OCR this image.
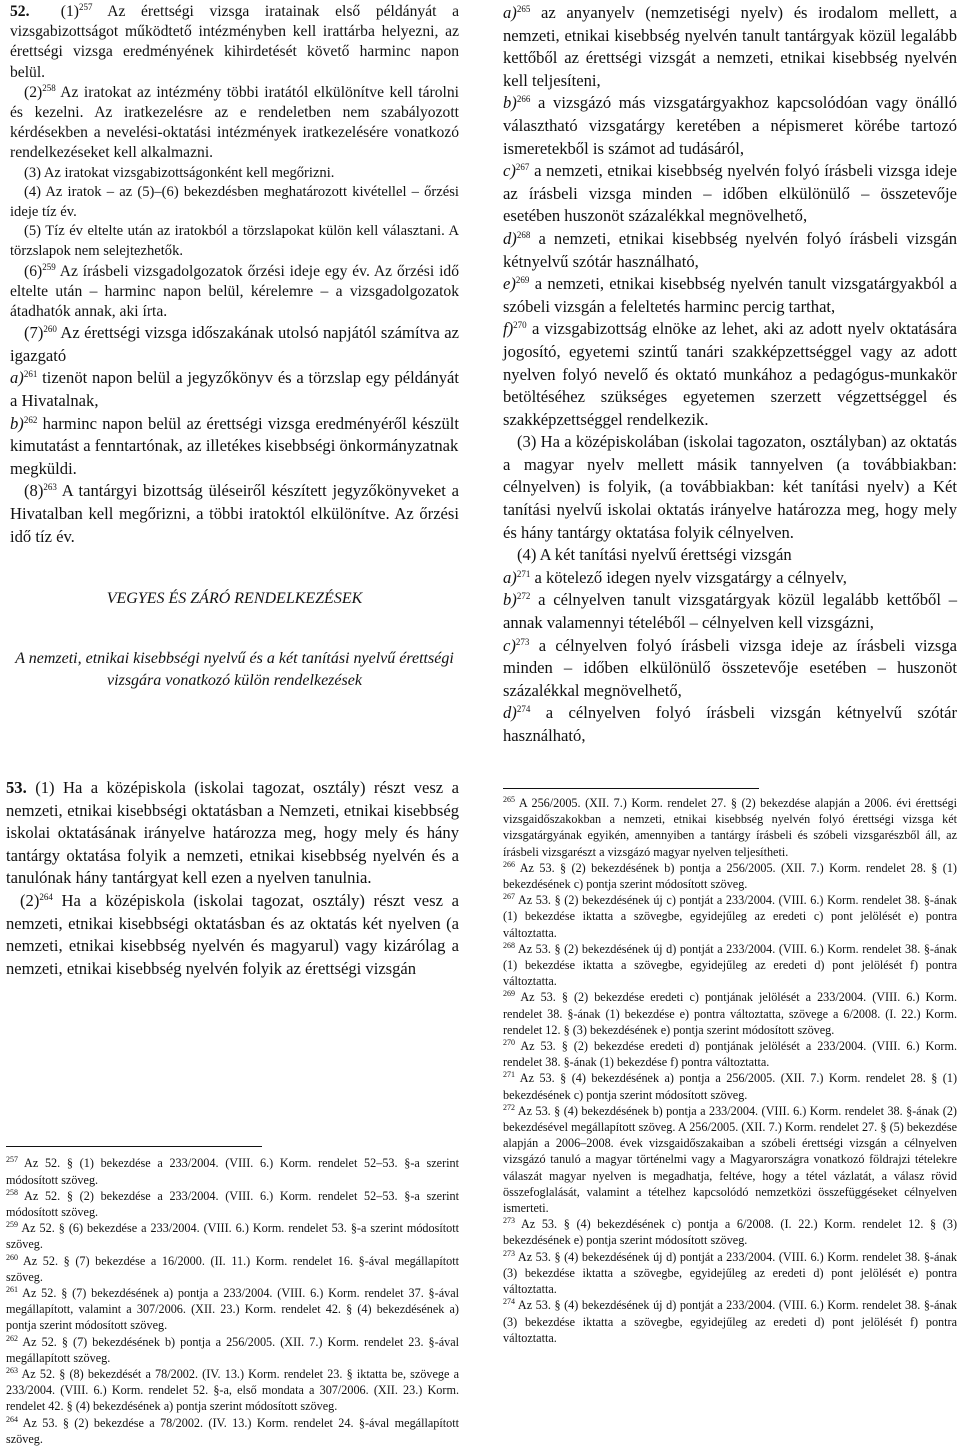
52. $(1)^{257}$ Az érettségi vizsga iratainak első példányát a vizsgabizottságot működtető intézményben kell irattárba helyezni, az érettségi vizsga eredményének kihirdetését követő harminc napon belül.

$(2)^{258}$ Az iratokat az intézmény többi iratától elkülönítve kell tárolni és kezelni. Az iratkezelésre az e rendeletben nem szabályozott kérdésekben a nevelési-oktatási intézmények iratkezelésére vonatkozó rendelkezéseket kell alkalmazni.

(3) Az iratokat vizsgabizottságonként kell megőrizni.

(4) Az iratok – az (5)–(6) bekezdésben meghatározott kivétellel – őrzési ideje tíz év.

(5) Tíz év eltelte után az iratokból a törzslapokat külön kell választani. A törzslapok nem selejtezhetők.

$(6)^{259}$ Az írásbeli vizsgadolgozatok őrzési ideje egy év. Az őrzési idő eltelte után – harminc napon belül, kérelemre – a vizsgadolgozatok átadhatók annak, aki írta.

$(7)^{260}$ Az érettségi vizsga időszakának utolsó napjától számítva az igazgató

a)$^{261}$ tizenöt napon belül a jegyzőkönyv és a törzslap egy példányát a Hivatalnak,

b)$^{262}$ harminc napon belül az érettségi vizsga eredményéről készült kimutatást a fenntartónak, az illetékes kisebbségi önkormányzatnak

megküldi.

$(8)^{263}$ A tantárgyi bizottság üléseiről készített jegyzőkönyveket a Hivatalban kell megőrizni, a többi iratoktól elkülönítve. Az őrzési idő tíz év.

VEGYES ÉS ZÁRÓ RENDELKEZÉSEK

A nemzeti, etnikai kisebbségi nyelvű és a két tanítási nyelvű érettségi vizsgára vonatkozó külön rendelkezések

a)$^{265}$ az anyanyelv (nemzetiségi nyelv) és irodalom mellett, a nemzeti, etnikai kisebbség nyelvén tanult tantárgyak közül legalább kettőből az érettségi vizsgát a nemzeti, etnikai kisebbség nyelvén kell teljesíteni,

b)$^{266}$ a vizsgázó más vizsgatárgyakhoz kapcsolódóan vagy önálló választható vizsgatárgy keretében a népismeret körébe tartozó ismeretekből is számot ad tudásáról,

c)$^{267}$ a nemzeti, etnikai kisebbség nyelvén folyó írásbeli vizsga ideje az írásbeli vizsga minden – időben elkülönülő – összetevője esetében huszonöt százalékkal megnövelhető,

d)$^{268}$ a nemzeti, etnikai kisebbség nyelvén folyó írásbeli vizsgán kétnyelvű szótár használható,

e)$^{269}$ a nemzeti, etnikai kisebbség nyelvén tanult vizsgatárgyakból a szóbeli vizsgán a feleltetés harminc percig tarthat,

f)$^{270}$ a vizsgabizottság elnöke az lehet, aki az adott nyelv oktatására jogosító, egyetemi szintű tanári szakképzettséggel vagy az adott nyelven folyó nevelő és oktató munkához a pedagógus-munkakör betöltéséhez szükséges egyetemen szerzett végzettséggel és szakképzettséggel rendelkezik.

(3) Ha a középiskolában (iskolai tagozaton, osztályban) az oktatás a magyar nyelv mellett másik tannyelven (a továbbiakban: célnyelven) is folyik, (a továbbiakban: két tanítási nyelv) a Két tanítási nyelvű iskolai oktatás irányelve határozza meg, hogy mely és hány tantárgy oktatása folyik célnyelven.

(4) A két tanítási nyelvű érettségi vizsgán

a)$^{271}$ a kötelező idegen nyelv vizsgatárgy a célnyelv,

b)$^{272}$ a célnyelven tanult vizsgatárgyak közül legalább kettőből – annak valamennyi tételéből – célnyelven kell vizsgázni,

c)$^{273}$ a célnyelven folyó írásbeli vizsga ideje az írásbeli vizsga minden – időben elkülönülő összetevője esetében – huszonöt százalékkal megnövelhető,

d)$^{274}$ a célnyelven folyó írásbeli vizsgán kétnyelvű szótár használható,

53. (1) Ha a középiskola (iskolai tagozat, osztály) részt vesz a nemzeti, etnikai kisebbségi oktatásban a Nemzeti, etnikai kisebbség iskolai oktatásának irányelve határozza meg, hogy mely és hány tantárgy oktatása folyik a nemzeti, etnikai kisebbség nyelvén és a tanulónak hány tantárgyat kell ezen a nyelven tanulnia.

$(2)^{264}$ Ha a középiskola (iskolai tagozat, osztály) részt vesz a nemzeti, etnikai kisebbségi oktatásban és az oktatás két nyelven (a nemzeti, etnikai kisebbség nyelvén és magyarul) vagy kizárólag a nemzeti, etnikai kisebbség nyelvén folyik az érettségi vizsgán

$^{257}$ Az 52. § (1) bekezdése a 233/2004. (VIII. 6.) Korm. rendelet 52–53. §-a szerint módosított szöveg.

$^{258}$ Az 52. § (2) bekezdése a 233/2004. (VIII. 6.) Korm. rendelet 52–53. §-a szerint módosított szöveg.

$^{259}$ Az 52. § (6) bekezdése a 233/2004. (VIII. 6.) Korm. rendelet 53. §-a szerint módosított szöveg.

$^{260}$ Az 52. § (7) bekezdése a 16/2000. (II. 11.) Korm. rendelet 16. §-ával megállapított szöveg.

$^{261}$ Az 52. § (7) bekezdésének a) pontja a 233/2004. (VIII. 6.) Korm. rendelet 37. §-ával megállapított, valamint a 307/2006. (XII. 23.) Korm. rendelet 42. § (4) bekezdésének a) pontja szerint módosított szöveg.

$^{262}$ Az 52. § (7) bekezdésének b) pontja a 256/2005. (XII. 7.) Korm. rendelet 23. §-ával megállapított szöveg.

$^{263}$ Az 52. § (8) bekezdését a 78/2002. (IV. 13.) Korm. rendelet 23. § iktatta be, szövege a 233/2004. (VIII. 6.) Korm. rendelet 52. §-a, első mondata a 307/2006. (XII. 23.) Korm. rendelet 42. § (4) bekezdésének a) pontja szerint módosított szöveg.

$^{264}$ Az 53. § (2) bekezdése a 78/2002. (IV. 13.) Korm. rendelet 24. §-ával megállapított szöveg.

$^{265}$ A 256/2005. (XII. 7.) Korm. rendelet 27. § (2) bekezdése alapján a 2006. évi érettségi vizsgaidőszakokban a nemzeti, etnikai kisebbség nyelvén folyó érettségi vizsga két vizsgatárgyának egyikén, amennyiben a tantárgy írásbeli és szóbeli vizsgarészből áll, az írásbeli vizsgarészt a vizsgázó magyar nyelven teljesítheti.

$^{266}$ Az 53. § (2) bekezdésének b) pontja a 256/2005. (XII. 7.) Korm. rendelet 28. § (1) bekezdésének c) pontja szerint módosított szöveg.

$^{267}$ Az 53. § (2) bekezdésének új c) pontját a 233/2004. (VIII. 6.) Korm. rendelet 38. §-ának (1) bekezdése iktatta a szövegbe, egyidejűleg az eredeti c) pont jelölését e) pontra változtatta.

$^{268}$ Az 53. § (2) bekezdésének új d) pontját a 233/2004. (VIII. 6.) Korm. rendelet 38. §-ának (1) bekezdése iktatta a szövegbe, egyidejűleg az eredeti d) pont jelölését f) pontra változtatta.

$^{269}$ Az 53. § (2) bekezdése eredeti c) pontjának jelölését a 233/2004. (VIII. 6.) Korm. rendelet 38. §-ának (1) bekezdése e) pontra változtatta, szövege a 6/2008. (I. 22.) Korm. rendelet 12. § (3) bekezdésének e) pontja szerint módosított szöveg.

$^{270}$ Az 53. § (2) bekezdése eredeti d) pontjának jelölését a 233/2004. (VIII. 6.) Korm. rendelet 38. §-ának (1) bekezdése f) pontra változtatta.

$^{271}$ Az 53. § (4) bekezdésének a) pontja a 256/2005. (XII. 7.) Korm. rendelet 28. § (1) bekezdésének c) pontja szerint módosított szöveg.

$^{272}$ Az 53. § (4) bekezdésének b) pontja a 233/2004. (VIII. 6.) Korm. rendelet 38. §-ának (2) bekezdésével megállapított szöveg. A 256/2005. (XII. 7.) Korm. rendelet 27. § (5) bekezdése alapján a 2006–2008. évek vizsgaidőszakaiban a szóbeli érettségi vizsgán a célnyelven vizsgázó tanuló a magyar történelmi vagy a Magyarországra vonatkozó földrajzi tételekre válaszát magyar nyelven is megadhatja, feltéve, hogy a tétel vázlatát, a válasz rövid összefoglalását, valamint a tételhez kapcsolódó nemzetközi összefüggéseket célnyelven ismerteti.

$^{273}$ Az 53. § (4) bekezdésének c) pontja a 6/2008. (I. 22.) Korm. rendelet 12. § (3) bekezdésének e) pontja szerint módosított szöveg.

$^{273}$ Az 53. § (4) bekezdésének új d) pontját a 233/2004. (VIII. 6.) Korm. rendelet 38. §-ának (3) bekezdése iktatta a szövegbe, egyidejűleg az eredeti d) pont jelölését e) pontra változtatta.

$^{274}$ Az 53. § (4) bekezdésének új d) pontját a 233/2004. (VIII. 6.) Korm. rendelet 38. §-ának (3) bekezdése iktatta a szövegbe, egyidejűleg az eredeti d) pont jelölését f) pontra változtatta.
